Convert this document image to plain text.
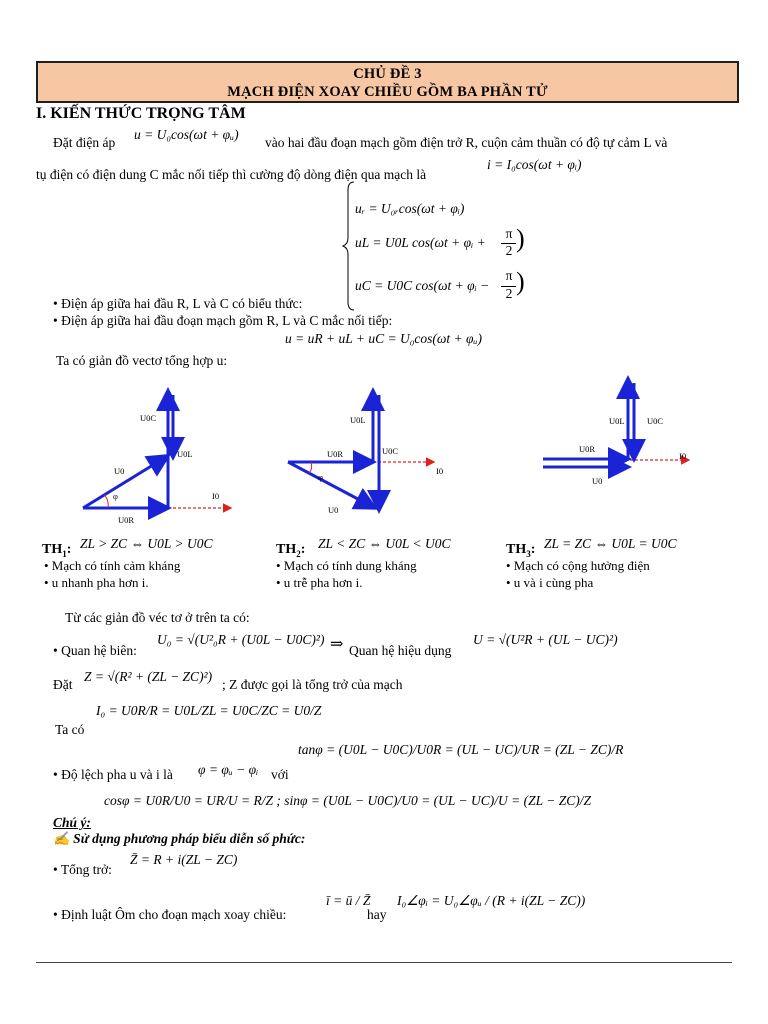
CHỦ ĐỀ 3
MẠCH ĐIỆN XOAY CHIỀU GỒM BA PHẦN TỬ
I. KIẾN THỨC TRỌNG TÂM
Đặt điện áp
u = U₀cos(ωt + φᵤ)
vào hai đầu đoạn mạch gồm điện trở R, cuộn cảm thuần có độ tự cảm L và
tụ điện có điện dung C mắc nối tiếp thì cường độ dòng điện qua mạch là
i = I₀cos(ωt + φᵢ)
uᵣ = U₀ᵣcos(ωt + φᵢ)
uL = U0L cos(ωt + φᵢ +
π
2 )
uC = U0C cos(ωt + φᵢ −
π
2 )
• Điện áp giữa hai đầu R, L và C có biểu thức:
• Điện áp giữa hai đầu đoạn mạch gồm R, L và C mắc nối tiếp:
u = uR + uL + uC = U₀cos(ωt + φᵤ)
Ta có giản đồ vectơ tổng hợp u:
U0C
U0L
U0
φ	I0
U0R
U0L
U0R	U0C
φ
I0
U0
U0L	U0C
U0R
I0
U0
$TH_1$: ZL > ZC ⇔ U0L > U0C
• Mạch có tính cảm kháng
• u nhanh pha hơn i.
$TH_2$: ZL < ZC ⇔ U0L < U0C
• Mạch có tính dung kháng
• u trễ pha hơn i.
$TH_3$: ZL = ZC ⇔ U0L = U0C
• Mạch có cộng hưởng điện
• u và i cùng pha
Từ các giản đồ véc tơ ở trên ta có:
• Quan hệ biên:
U₀ = √(U²₀R + (U0L − U0C)²) ⇒ Quan hệ hiệu dụng
U = √(U²R + (UL − UC)²)
Đặt
Z = √(R² + (ZL − ZC)²)
; Z được gọi là tổng trở của mạch
I₀ = U0R/R = U0L/ZL = U0C/ZC = U0/Z
Ta có
tanφ = (U0L − U0C)/U0R = (UL − UC)/UR = (ZL − ZC)/R
• Độ lệch pha u và i là φ = φᵤ − φᵢ với
cosφ = U0R/U0 = UR/U = R/Z ; sinφ = (U0L − U0C)/U0 = (UL − UC)/U = (ZL − ZC)/Z
Chú ý:
✍ Sử dụng phương pháp biểu diễn số phức:
• Tổng trở:
Z̄ = R + i(ZL − ZC)
• Định luật Ôm cho đoạn mạch xoay chiều:
ī = ū / Z̄
hay
I₀∠φᵢ = U₀∠φᵤ / (R + i(ZL − ZC))
